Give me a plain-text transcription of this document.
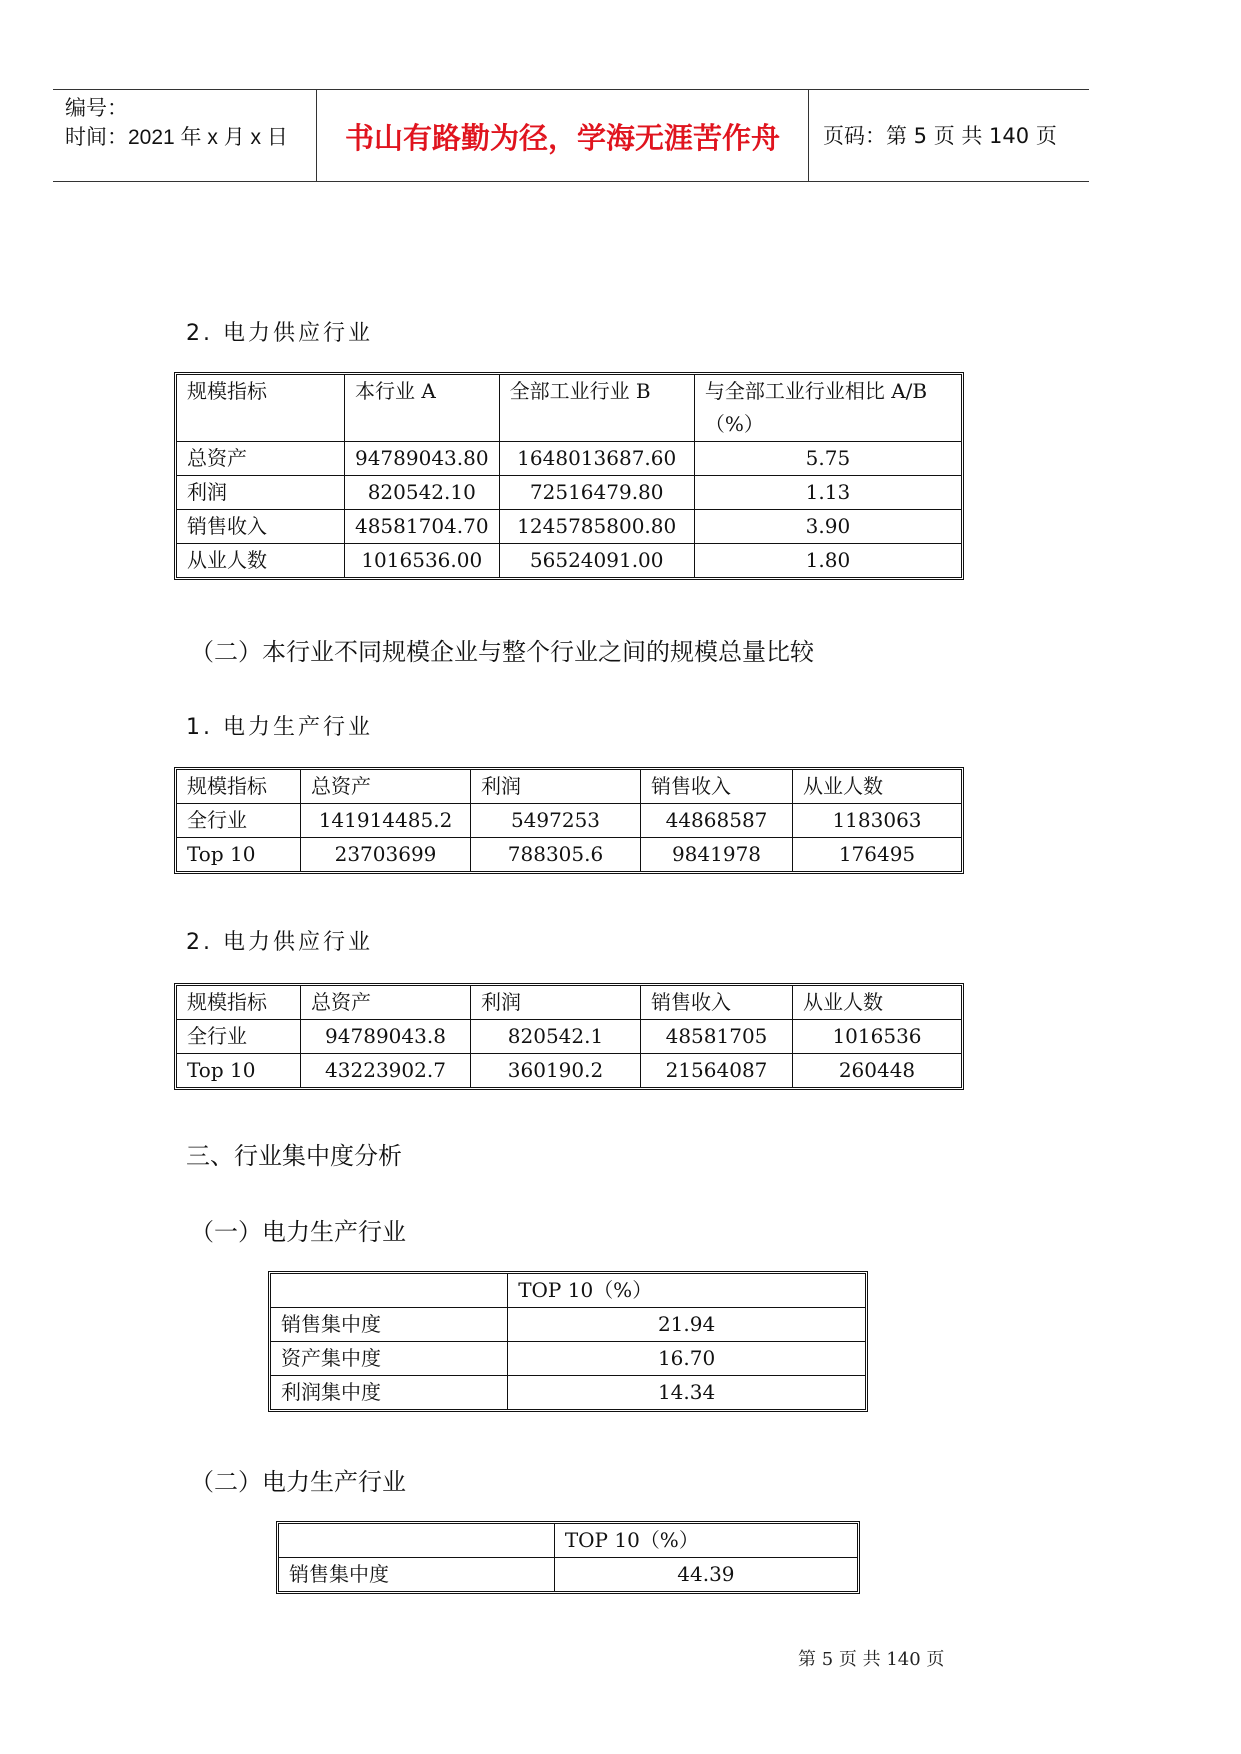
编号：
时间：2021 年 x 月 x 日	书山有路勤为径，学海无涯苦作舟	页码：第 5 页 共 140 页
2. 电力供应行业
规模指标	本行业 A	全部工业行业 B	与全部工业行业相比 A/B（%）
总资产	94789043.80	1648013687.60	5.75
利润	820542.10	72516479.80	1.13
销售收入	48581704.70	1245785800.80	3.90
从业人数	1016536.00	56524091.00	1.80
（二）本行业不同规模企业与整个行业之间的规模总量比较
1. 电力生产行业
规模指标	总资产	利润	销售收入	从业人数
全行业	141914485.2	5497253	44868587	1183063
Top 10	23703699	788305.6	9841978	176495
2. 电力供应行业
规模指标	总资产	利润	销售收入	从业人数
全行业	94789043.8	820542.1	48581705	1016536
Top 10	43223902.7	360190.2	21564087	260448
三、行业集中度分析
（一）电力生产行业
	TOP 10（%）
销售集中度	21.94
资产集中度	16.70
利润集中度	14.34
（二）电力生产行业
	TOP 10（%）
销售集中度	44.39
第 5 页 共 140 页
